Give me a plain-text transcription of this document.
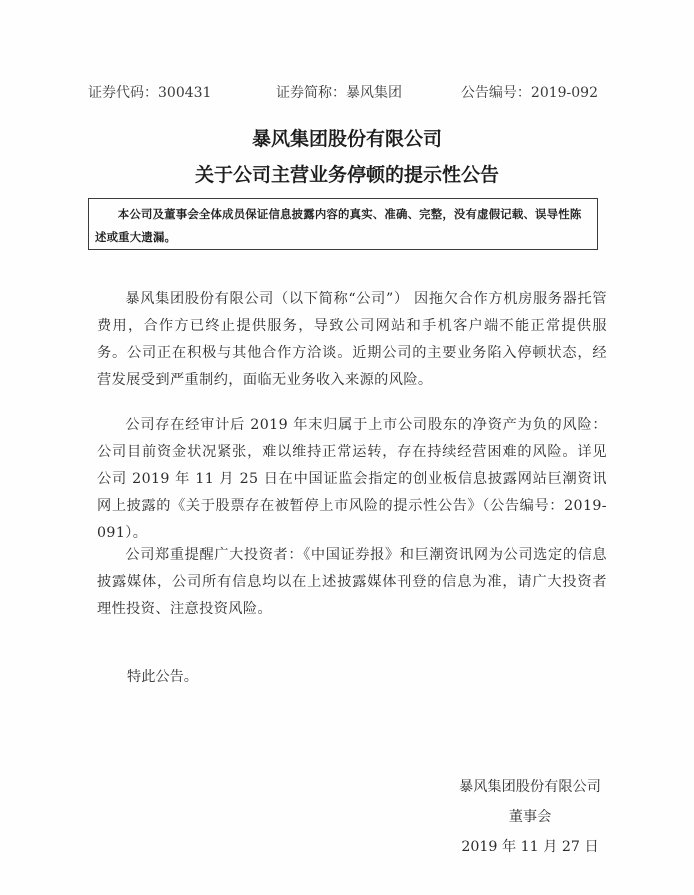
证券代码：300431	证券简称：暴风集团	公告编号：2019-092
暴风集团股份有限公司
关于公司主营业务停顿的提示性公告
本公司及董事会全体成员保证信息披露内容的真实、准确、完整，没有虚假记载、误导性陈述或重大遗漏。
暴风集团股份有限公司（以下简称“公司”） 因拖欠合作方机房服务器托管费用，合作方已终止提供服务，导致公司网站和手机客户端不能正常提供服务。公司正在积极与其他合作方洽谈。近期公司的主要业务陷入停顿状态，经营发展受到严重制约，面临无业务收入来源的风险。
公司存在经审计后 2019 年末归属于上市公司股东的净资产为负的风险：公司目前资金状况紧张，难以维持正常运转，存在持续经营困难的风险。详见公司 2019 年 11 月 25 日在中国证监会指定的创业板信息披露网站巨潮资讯网上披露的《关于股票存在被暂停上市风险的提示性公告》（公告编号：2019-091）。
公司郑重提醒广大投资者：《中国证券报》和巨潮资讯网为公司选定的信息披露媒体，公司所有信息均以在上述披露媒体刊登的信息为准，请广大投资者理性投资、注意投资风险。
特此公告。
暴风集团股份有限公司
董事会
2019 年 11 月 27 日
